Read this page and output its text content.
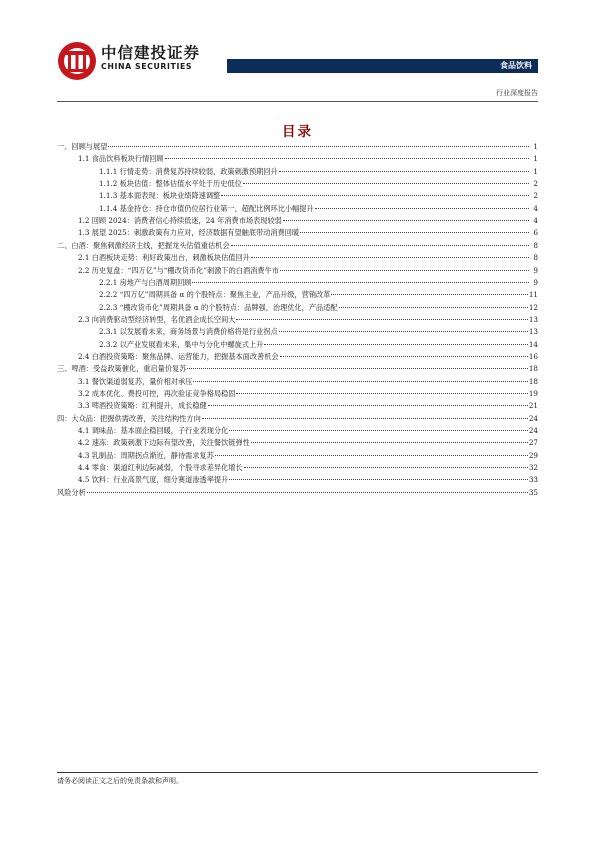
中信建投证券
CHINA SECURITIES	食品饮料
行业深度报告
目录
一、回顾与展望	1
1.1 食品饮料板块行情回顾	1
1.1.1 行情走势：消费复苏持续较弱，政策刺激预期回升	1
1.1.2 板块估值：整体估值水平处于历史低位	2
1.1.3 基本面表现：板块业绩降速调整	2
1.1.4 基金持仓：持仓市值仍位居行业第一，超配比例环比小幅提升	4
1.2 回顾 2024：消费者信心持续低迷，24 年消费市场表现较弱	4
1.3 展望 2025：刺激政策有力应对，经济数据有望触底带动消费回暖	6
二、白酒：聚焦刺激经济主线，把握龙头估值重估机会	8
2.1 白酒板块走势：利好政策出台，刺激板块估值回升	8
2.2 历史复盘：“四万亿”与“棚改货币化”刺激下的白酒消费牛市	9
2.2.1 房地产与白酒周期回顾	9
2.2.2 “四万亿”周期具备 α 的个股特点：聚焦主业，产品升级，营销改革	11
2.2.3 “棚改货币化”周期具备 α 的个股特点：品牌强，治理优化，产品适配	12
2.3 向消费驱动型经济转型，名优酒企成长空间大	13
2.3.1 以发展看未来，商务场景与消费价格将是行业拐点	13
2.3.2 以产业发展看未来，集中与分化中螺旋式上升	14
2.4 白酒投资策略：聚焦品牌、运营能力，把握基本面改善机会	16
三、啤酒：受益政策催化，重启量价复苏	18
3.1 餐饮渠道弱复苏，量价相对承压	18
3.2 成本优化、费投可控，再次验证竞争格局稳固	19
3.3 啤酒投资策略：红利提升，成长稳健	21
四：大众品：把握供需改善，关注结构性方向	24
4.1 调味品：基本面企稳回暖，子行业表现分化	24
4.2 速冻：政策刺激下边际有望改善，关注餐饮链弹性	27
4.3 乳制品：周期拐点渐近，静待需求复苏	29
4.4 零食：渠道红利边际减弱，个股寻求差异化增长	32
4.5 饮料：行业高景气度，细分赛道渗透率提升	33
风险分析	35
请务必阅读正文之后的免责条款和声明。
